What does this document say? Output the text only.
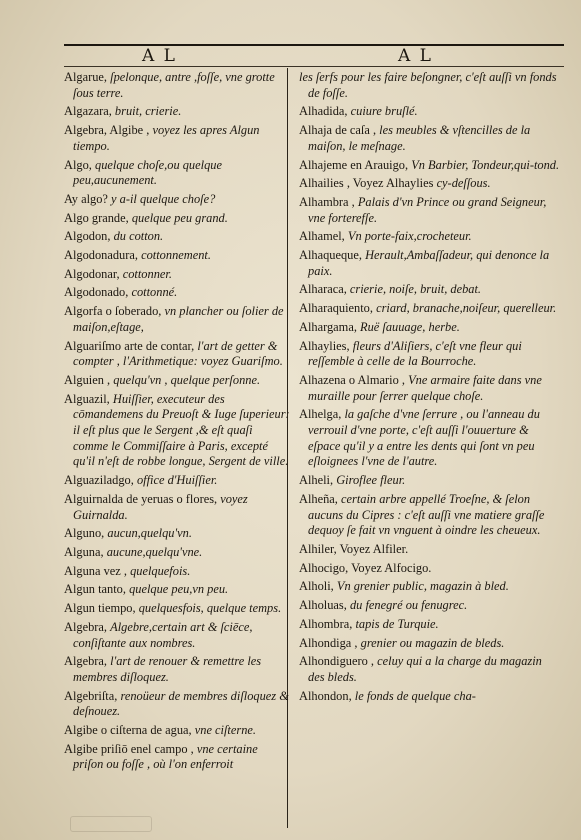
A L	A L
Algarue, ſpelonque, antre ,foſſe, vne grotte ſous terre.
Algazara, bruit, crierie.
Algebra, Algibe , voyez les apres Algun tiempo.
Algo, quelque choſe,ou quelque peu,aucunement.
Ay algo? y a-il quelque choſe?
Algo grande, quelque peu grand.
Algodon, du cotton.
Algodonadura, cottonnement.
Algodonar, cottonner.
Algodonado, cottonné.
Algorfa o ſoberado, vn plancher ou ſolier de maiſon,eſtage,
Alguariſmo arte de contar, l'art de getter & compter , l'Arithmetique: voyez Guariſmo.
Alguien , quelqu'vn , quelque perſonne.
Alguazil, Huiſſier, executeur des cōmandemens du Preuoſt & Iuge ſuperieur: il eſt plus que le Sergent ,& eſt quaſi comme le Commiſſaire à Paris, excepté qu'il n'eſt de robbe longue, Sergent de ville.
Alguaziladgo, office d'Huiſſier.
Alguirnalda de yeruas o flores, voyez Guirnalda.
Alguno, aucun,quelqu'vn.
Alguna, aucune,quelqu'vne.
Alguna vez , quelquefois.
Algun tanto, quelque peu,vn peu.
Algun tiempo, quelquesfois, quelque temps.
Algebra, Algebre,certain art & ſciēce, conſiſtante aux nombres.
Algebra, l'art de renouer & remettre les membres diſloquez.
Algebriſta, renoüeur de membres diſloquez & deſnouez.
Algibe o ciſterna de agua, vne ciſterne.
Algibe priſiō enel campo , vne certaine priſon ou foſſe , où l'on enferroit
les ſerfs pour les faire beſongner, c'eſt auſſi vn fonds de foſſe.
Alhadida, cuiure bruſlé.
Alhaja de caſa , les meubles & vſtencilles de la maiſon, le meſnage.
Alhajeme en Arauigo, Vn Barbier, Tondeur,qui-tond.
Alhailies , Voyez Alhaylies cy-deſſous.
Alhambra , Palais d'vn Prince ou grand Seigneur, vne forterefſe.
Alhamel, Vn porte-faix,crocheteur.
Alhaqueque, Herault,Ambaſſadeur, qui denonce la paix.
Alharaca, crierie, noiſe, bruit, debat.
Alharaquiento, criard, branache,noiſeur, querelleur.
Alhargama, Ruë ſauuage, herbe.
Alhaylies, fleurs d'Aliſiers, c'eſt vne fleur qui reſſemble à celle de la Bourroche.
Alhazena o Almario , Vne armaire faite dans vne muraille pour ſerrer quelque choſe.
Alhelga, la gaſche d'vne ſerrure , ou l'anneau du verrouil d'vne porte, c'eſt auſſi l'ouuerture & eſpace qu'il y a entre les dents qui ſont vn peu eſloignees l'vne de l'autre.
Alheli, Giroflee fleur.
Alheña, certain arbre appellé Troeſne, & ſelon aucuns du Cipres : c'eſt auſſi vne matiere graſſe dequoy ſe fait vn vnguent à oindre les cheueux.
Alhiler, Voyez Alfiler.
Alhocigo, Voyez Alfocigo.
Alholi, Vn grenier public, magazin à bled.
Alholuas, du fenegré ou fenugrec.
Alhombra, tapis de Turquie.
Alhondiga , grenier ou magazin de bleds.
Alhondiguero , celuy qui a la charge du magazin des bleds.
Alhondon, le fonds de quelque cha-
